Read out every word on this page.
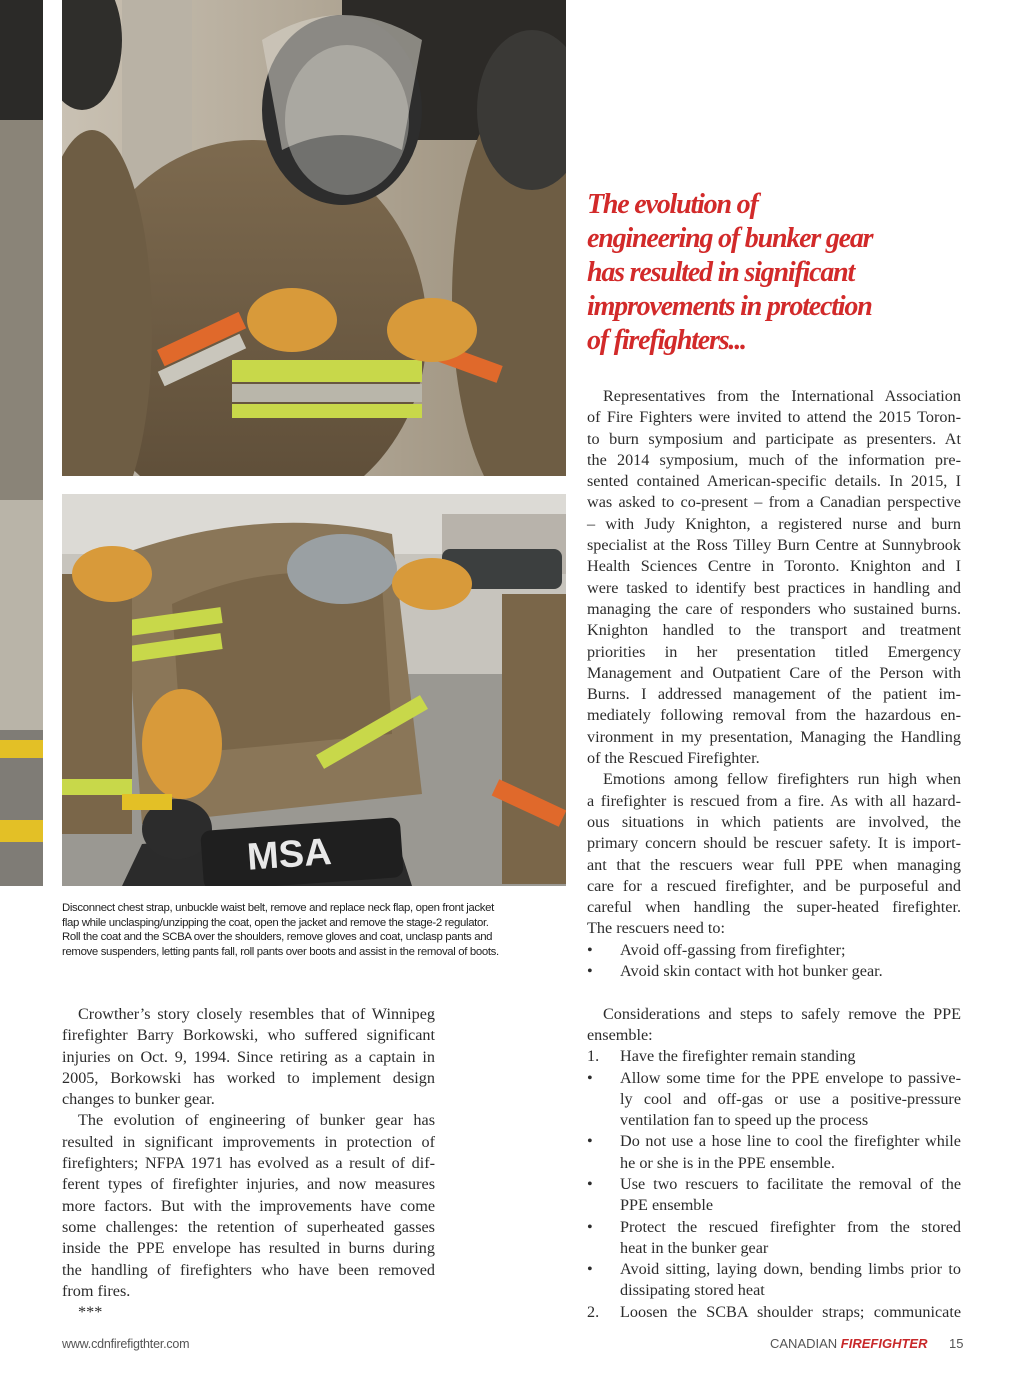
MSA
Disconnect chest strap, unbuckle waist belt, remove and replace neck flap, open front jacket
flap while unclasping/unzipping the coat, open the jacket and remove the stage-2 regulator.
Roll the coat and the SCBA over the shoulders, remove gloves and coat, unclasp pants and
remove suspenders, letting pants fall, roll pants over boots and assist in the removal of boots.
The evolution of
engineering of bunker gear
has resulted in significant
improvements in protection
of firefighters...
Crowther’s story closely resembles that of Winnipeg
firefighter Barry Borkowski, who suffered significant
injuries on Oct. 9, 1994. Since retiring as a captain in
2005, Borkowski has worked to implement design
changes to bunker gear.
The evolution of engineering of bunker gear has
resulted in significant improvements in protection of
firefighters; NFPA 1971 has evolved as a result of dif-
ferent types of firefighter injuries, and now measures
more factors. But with the improvements have come
some challenges: the retention of superheated gasses
inside the PPE envelope has resulted in burns during
the handling of firefighters who have been removed
from fires.
***
Representatives from the International Association
of Fire Fighters were invited to attend the 2015 Toron-
to burn symposium and participate as presenters. At
the 2014 symposium, much of the information pre-
sented contained American-specific details. In 2015, I
was asked to co-present – from a Canadian perspective
– with Judy Knighton, a registered nurse and burn
specialist at the Ross Tilley Burn Centre at Sunnybrook
Health Sciences Centre in Toronto. Knighton and I
were tasked to identify best practices in handling and
managing the care of responders who sustained burns.
Knighton handled to the transport and treatment
priorities in her presentation titled Emergency
Management and Outpatient Care of the Person with
Burns. I addressed management of the patient im-
mediately following removal from the hazardous en-
vironment in my presentation, Managing the Handling
of the Rescued Firefighter.
Emotions among fellow firefighters run high when
a firefighter is rescued from a fire. As with all hazard-
ous situations in which patients are involved, the
primary concern should be rescuer safety. It is import-
ant that the rescuers wear full PPE when managing
care for a rescued firefighter, and be purposeful and
careful when handling the super-heated firefighter.
The rescuers need to:
• Avoid off-gassing from firefighter;
• Avoid skin contact with hot bunker gear.
Considerations and steps to safely remove the PPE
ensemble:
1. Have the firefighter remain standing
• Allow some time for the PPE envelope to passive-
ly cool and off-gas or use a positive-pressure
ventilation fan to speed up the process
• Do not use a hose line to cool the firefighter while
he or she is in the PPE ensemble.
• Use two rescuers to facilitate the removal of the
PPE ensemble
• Protect the rescued firefighter from the stored
heat in the bunker gear
• Avoid sitting, laying down, bending limbs prior to
dissipating stored heat
2. Loosen the SCBA shoulder straps; communicate
www.cdnfirefigthter.com	CANADIAN FIREFIGHTER 15
